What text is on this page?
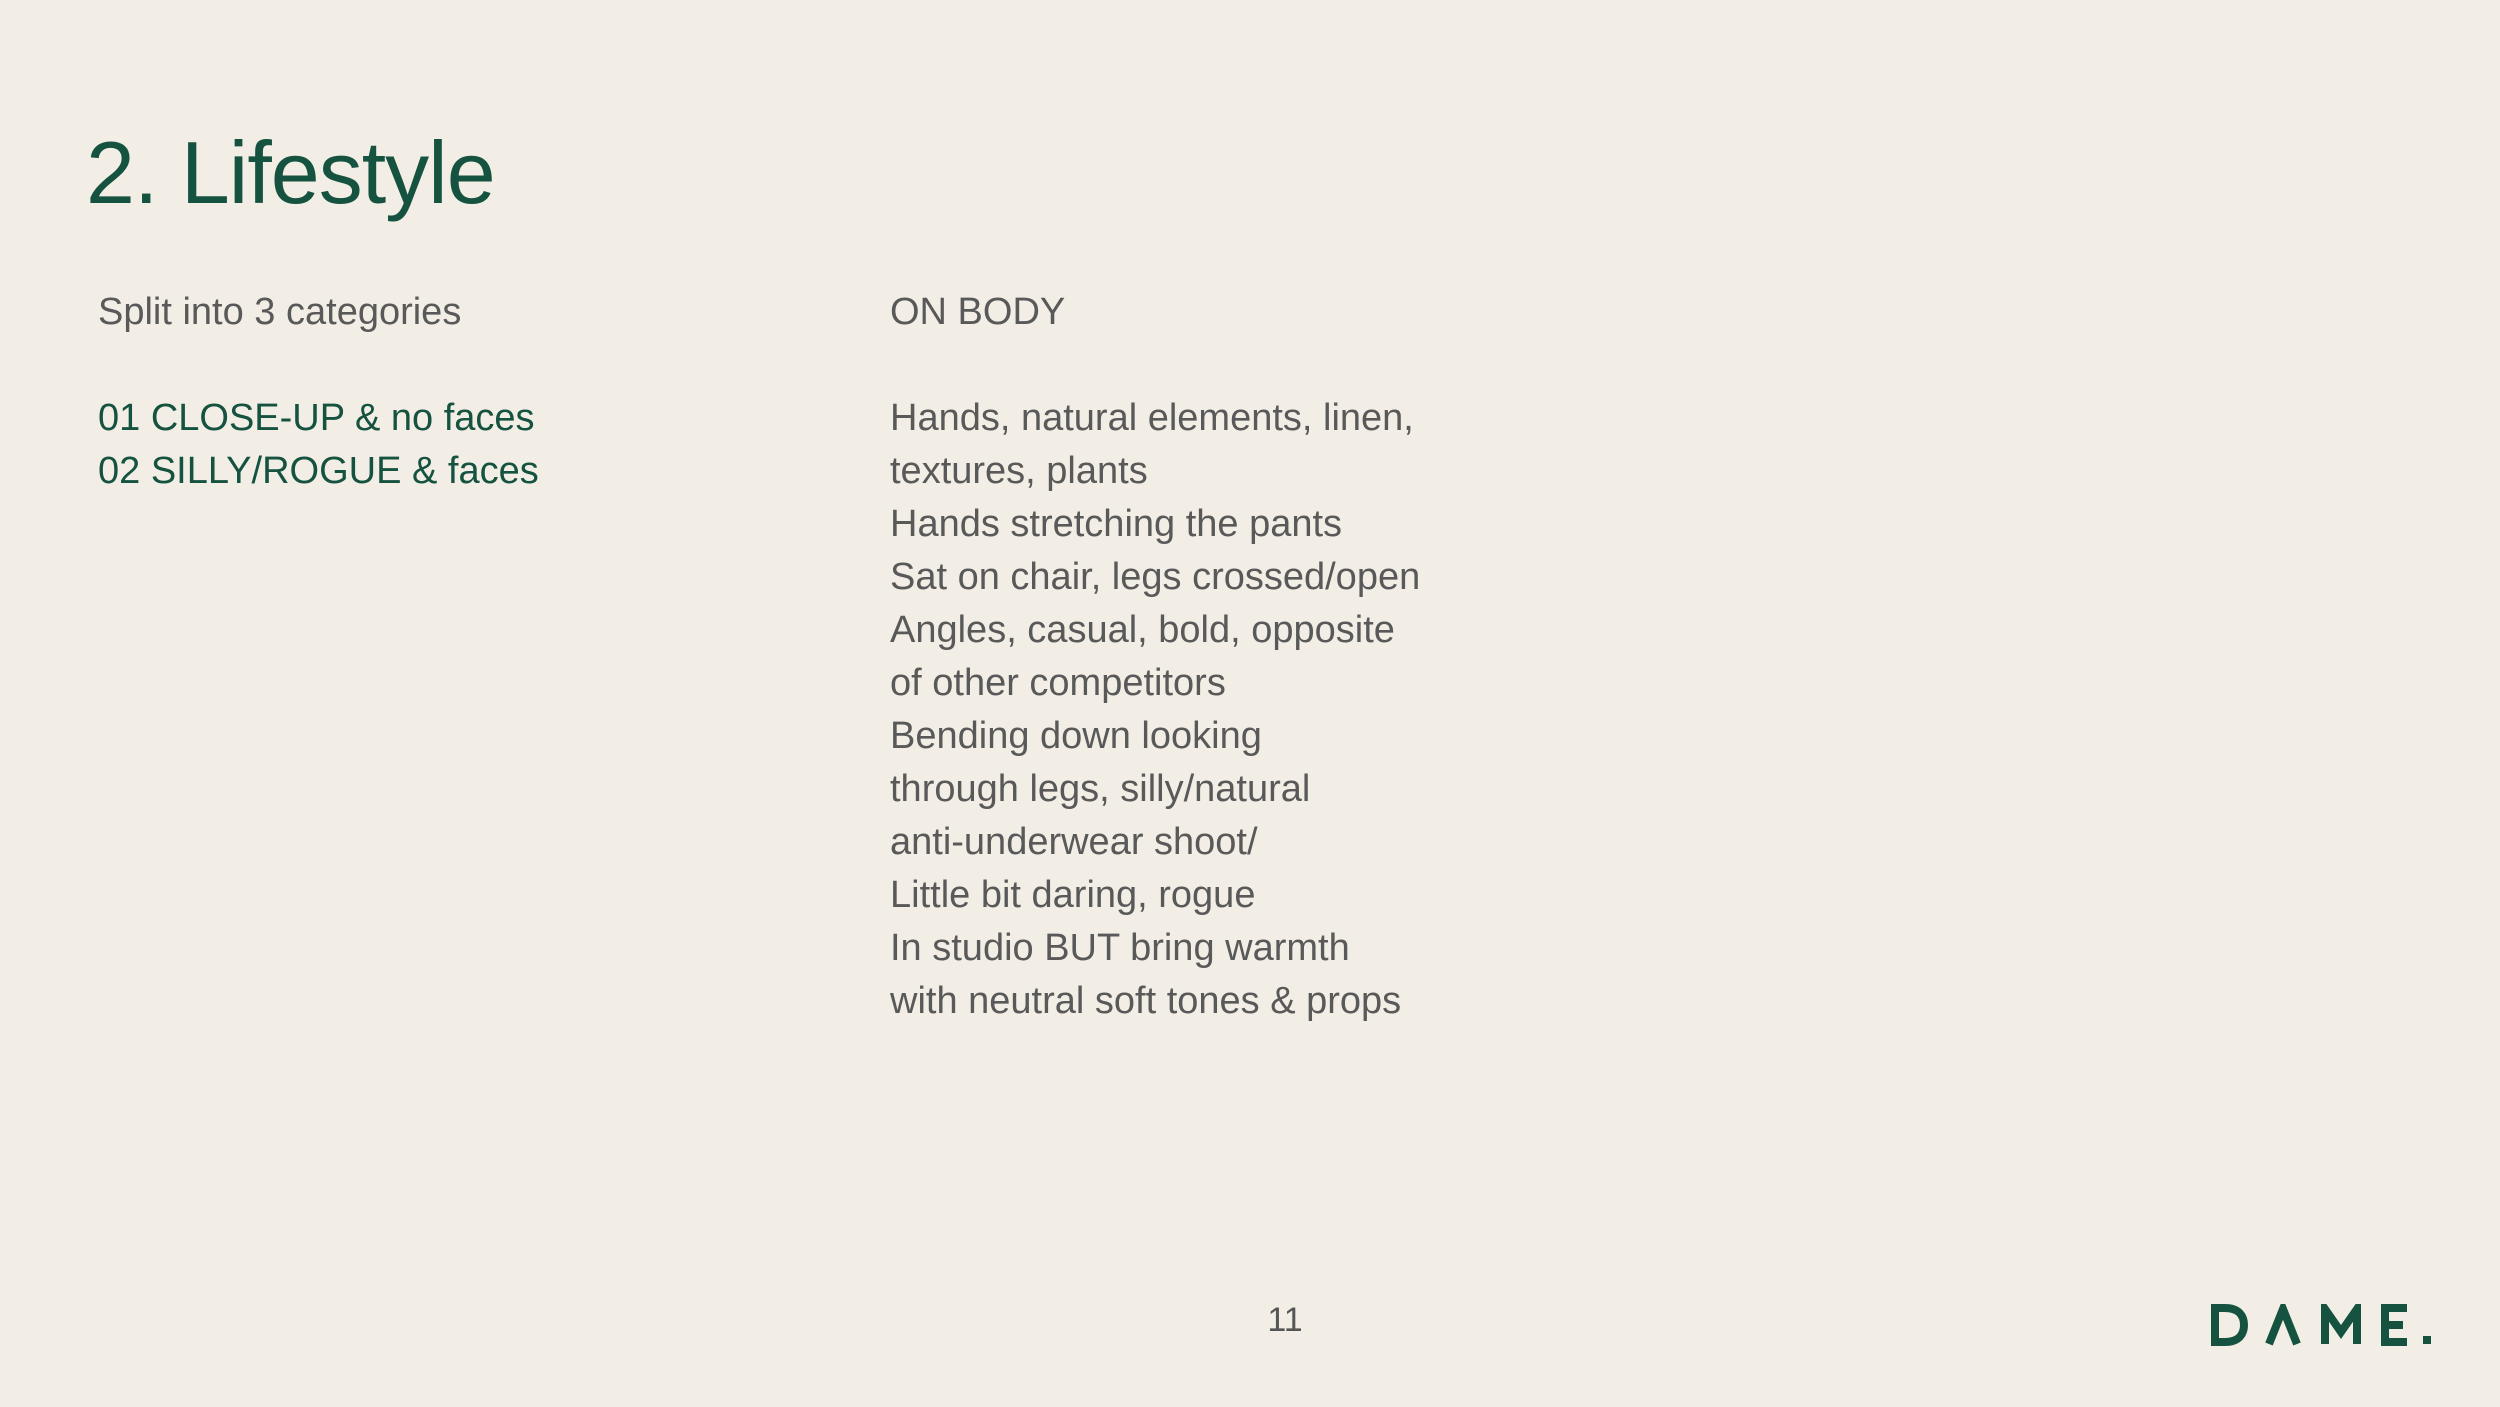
2. Lifestyle

Split into 3 categories

01 CLOSE-UP & no faces
02 SILLY/ROGUE & faces

ON BODY

Hands, natural elements, linen,
textures, plants
Hands stretching the pants
Sat on chair, legs crossed/open
Angles, casual, bold, opposite
of other competitors
Bending down looking
through legs, silly/natural
anti-underwear shoot/
Little bit daring, rogue
In studio BUT bring warmth
with neutral soft tones & props
11
